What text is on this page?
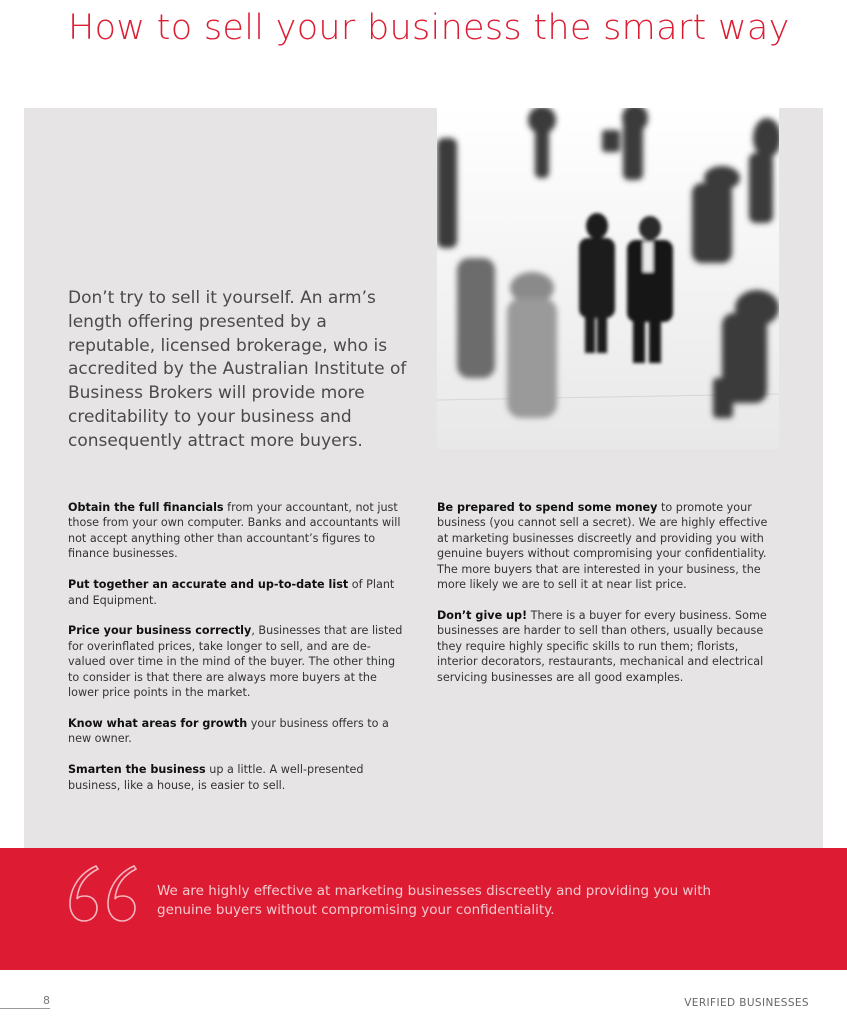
How to sell your business the smart way
Don’t try to sell it yourself. An arm’s length offering presented by a reputable, licensed brokerage, who is accredited by the Australian Institute of Business Brokers will provide more creditability to your business and consequently attract more buyers.

Obtain the full financials from your accountant, not just those from your own computer. Banks and accountants will not accept anything other than accountant’s figures to finance businesses.

Put together an accurate and up-to-date list of Plant and Equipment.

Price your business correctly, Businesses that are listed for overinflated prices, take longer to sell, and are de-valued over time in the mind of the buyer. The other thing to consider is that there are always more buyers at the lower price points in the market.

Know what areas for growth your business offers to a new owner.

Smarten the business up a little. A well-presented business, like a house, is easier to sell.

Be prepared to spend some money to promote your business (you cannot sell a secret). We are highly effective at marketing businesses discreetly and providing you with genuine buyers without compromising your confidentiality. The more buyers that are interested in your business, the more likely we are to sell it at near list price.

Don’t give up! There is a buyer for every business. Some businesses are harder to sell than others, usually because they require highly specific skills to run them; florists, interior decorators, restaurants, mechanical and electrical servicing businesses are all good examples.

We are highly effective at marketing businesses discreetly and providing you with genuine buyers without compromising your confidentiality.
8	VERIFIED BUSINESSES
